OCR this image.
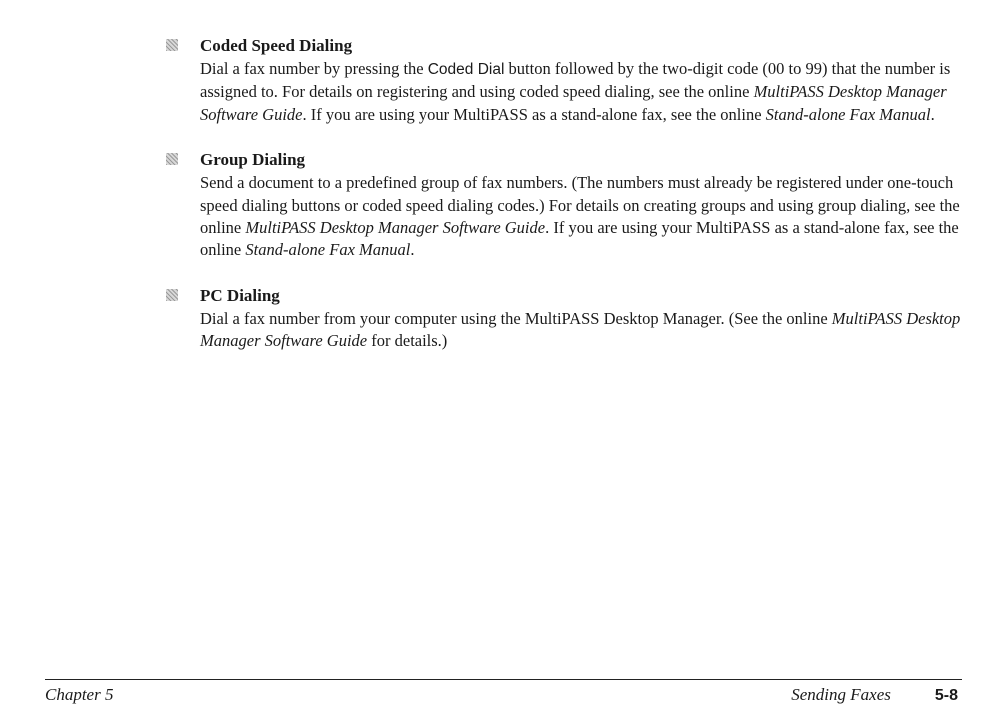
Coded Speed Dialing

Dial a fax number by pressing the Coded Dial button followed by the two-digit code (00 to 99) that the number is assigned to. For details on registering and using coded speed dialing, see the online MultiPASS Desktop Manager Software Guide. If you are using your MultiPASS as a stand-alone fax, see the online Stand-alone Fax Manual.

Group Dialing

Send a document to a predefined group of fax numbers. (The numbers must already be registered under one-touch speed dialing buttons or coded speed dialing codes.) For details on creating groups and using group dialing, see the online MultiPASS Desktop Manager Software Guide. If you are using your MultiPASS as a stand-alone fax, see the online Stand-alone Fax Manual.

PC Dialing

Dial a fax number from your computer using the MultiPASS Desktop Manager. (See the online MultiPASS Desktop Manager Software Guide for details.)

Chapter 5	Sending Faxes	5-8
